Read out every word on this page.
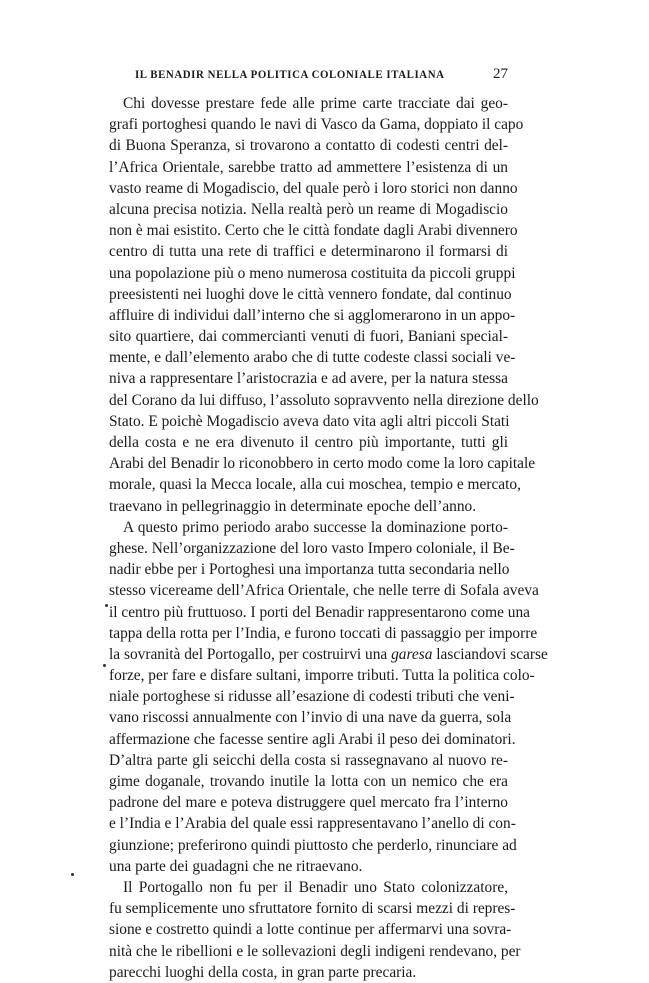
IL BENADIR NELLA POLITICA COLONIALE ITALIANA	27
Chi dovesse prestare fede alle prime carte tracciate dai geo-
grafi portoghesi quando le navi di Vasco da Gama, doppiato il capo
di Buona Speranza, si trovarono a contatto di codesti centri del-
l’Africa Orientale, sarebbe tratto ad ammettere l’esistenza di un
vasto reame di Mogadiscio, del quale però i loro storici non danno
alcuna precisa notizia. Nella realtà però un reame di Mogadiscio
non è mai esistito. Certo che le città fondate dagli Arabi divennero
centro di tutta una rete di traffici e determinarono il formarsi di
una popolazione più o meno numerosa costituita da piccoli gruppi
preesistenti nei luoghi dove le città vennero fondate, dal continuo
affluire di individui dall’interno che si agglomerarono in un appo-
sito quartiere, dai commercianti venuti di fuori, Baniani special-
mente, e dall’elemento arabo che di tutte codeste classi sociali ve-
niva a rappresentare l’aristocrazia e ad avere, per la natura stessa
del Corano da lui diffuso, l’assoluto sopravvento nella direzione dello
Stato. E poichè Mogadiscio aveva dato vita agli altri piccoli Stati
della costa e ne era divenuto il centro più importante, tutti gli
Arabi del Benadir lo riconobbero in certo modo come la loro capitale
morale, quasi la Mecca locale, alla cui moschea, tempio e mercato,
traevano in pellegrinaggio in determinate epoche dell’anno.
A questo primo periodo arabo successe la dominazione porto-
ghese. Nell’organizzazione del loro vasto Impero coloniale, il Be-
nadir ebbe per i Portoghesi una importanza tutta secondaria nello
stesso vicereame dell’Africa Orientale, che nelle terre di Sofala aveva
il centro più fruttuoso. I porti del Benadir rappresentarono come una
tappa della rotta per l’India, e furono toccati di passaggio per imporre
la sovranità del Portogallo, per costruirvi una garesa lasciandovi scarse
forze, per fare e disfare sultani, imporre tributi. Tutta la politica colo-
niale portoghese si ridusse all’esazione di codesti tributi che veni-
vano riscossi annualmente con l’invio di una nave da guerra, sola
affermazione che facesse sentire agli Arabi il peso dei dominatori.
D’altra parte gli seicchi della costa si rassegnavano al nuovo re-
gime doganale, trovando inutile la lotta con un nemico che era
padrone del mare e poteva distruggere quel mercato fra l’interno
e l’India e l’Arabia del quale essi rappresentavano l’anello di con-
giunzione; preferirono quindi piuttosto che perderlo, rinunciare ad
una parte dei guadagni che ne ritraevano.
Il Portogallo non fu per il Benadir uno Stato colonizzatore,
fu semplicemente uno sfruttatore fornito di scarsi mezzi di repres-
sione e costretto quindi a lotte continue per affermarvi una sovra-
nità che le ribellioni e le sollevazioni degli indigeni rendevano, per
parecchi luoghi della costa, in gran parte precaria.
